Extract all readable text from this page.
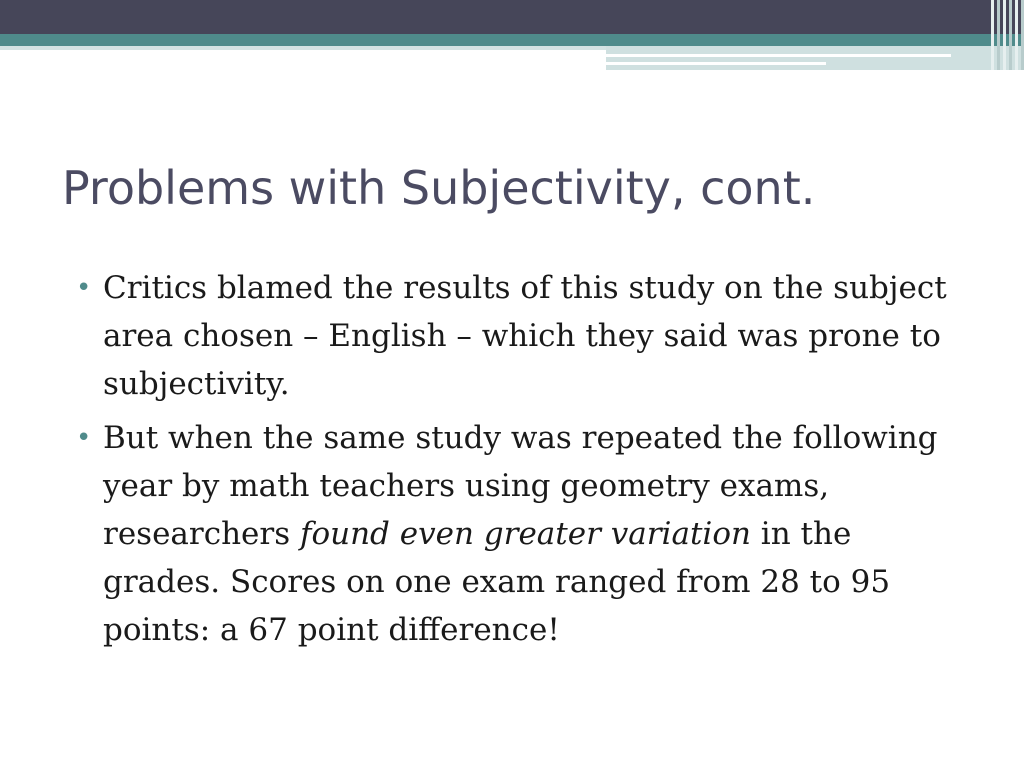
Problems with Subjectivity, cont.
• Critics blamed the results of this study on the subject area chosen – English – which they said was prone to subjectivity.
• But when the same study was repeated the following year by math teachers using geometry exams, researchers found even greater variation in the grades. Scores on one exam ranged from 28 to 95 points: a 67 point difference!
